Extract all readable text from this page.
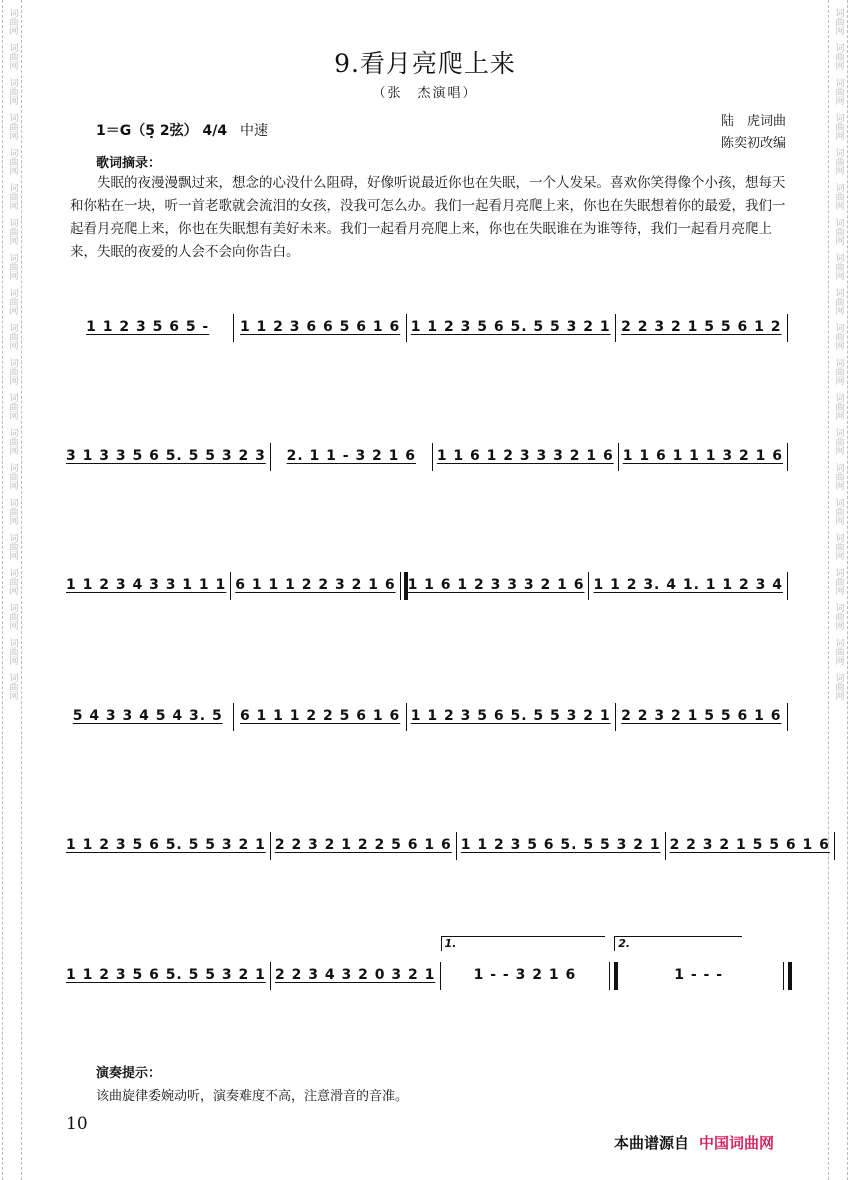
词曲网
词曲网
词曲网
词曲网
词曲网
词曲网
词曲网
词曲网
词曲网
词曲网
词曲网
词曲网
词曲网
词曲网
词曲网
词曲网
词曲网
词曲网
词曲网
词曲网
词曲网
词曲网
词曲网
词曲网
词曲网
词曲网
词曲网
词曲网
词曲网
词曲网
词曲网
词曲网
词曲网
词曲网
词曲网
词曲网
词曲网
词曲网
词曲网
词曲网
9.看月亮爬上来
（张　杰演唱）
1＝G（5̣ 2弦） 4/4 中速
陆　虎词曲
陈奕初改编
歌词摘录：
失眠的夜漫漫飘过来，想念的心没什么阻碍，好像听说最近你也在失眠，一个人发呆。喜欢你笑得像个小孩，想每天和你粘在一块，听一首老歌就会流泪的女孩，没我可怎么办。我们一起看月亮爬上来，你也在失眠想着你的最爱，我们一起看月亮爬上来，你也在失眠想有美好未来。我们一起看月亮爬上来，你也在失眠谁在为谁等待，我们一起看月亮爬上来，失眠的夜爱的人会不会向你告白。
1 1 2 3 5 6 5 - 1 1 2 3 6 6 5 6 1 6 1 1 2 3 5 6 5. 5 5 3 2 1 2 2 3 2 1 5 5 6 1 2
3 1 3 3 5 6 5. 5 5 3 2 3 2. 1 1 - 3 2 1 6 1 1 6 1 2 3 3 3 2 1 6 1 1 6 1 1 1 3 2 1 6
1 1 2 3 4 3 3 1 1 1 6 1 1 1 2 2 3 2 1 6 1 1 6 1 2 3 3 3 2 1 6 1 1 2 3. 4 1. 1 1 2 3 4
5 4 3 3 4 5 4 3. 5 6 1 1 1 2 2 5 6 1 6 1 1 2 3 5 6 5. 5 5 3 2 1 2 2 3 2 1 5 5 6 1 6
1 1 2 3 5 6 5. 5 5 3 2 1 2 2 3 2 1 2 2 5 6 1 6 1 1 2 3 5 6 5. 5 5 3 2 1 2 2 3 2 1 5 5 6 1 6
1 1 2 3 5 6 5. 5 5 3 2 1 2 2 3 4 3 2 0 3 2 1
1.
1 - - 3 2 1 6
2.
1 - - -
演奏提示：
该曲旋律委婉动听，演奏难度不高，注意滑音的音准。
10
本曲谱源自 中国词曲网
